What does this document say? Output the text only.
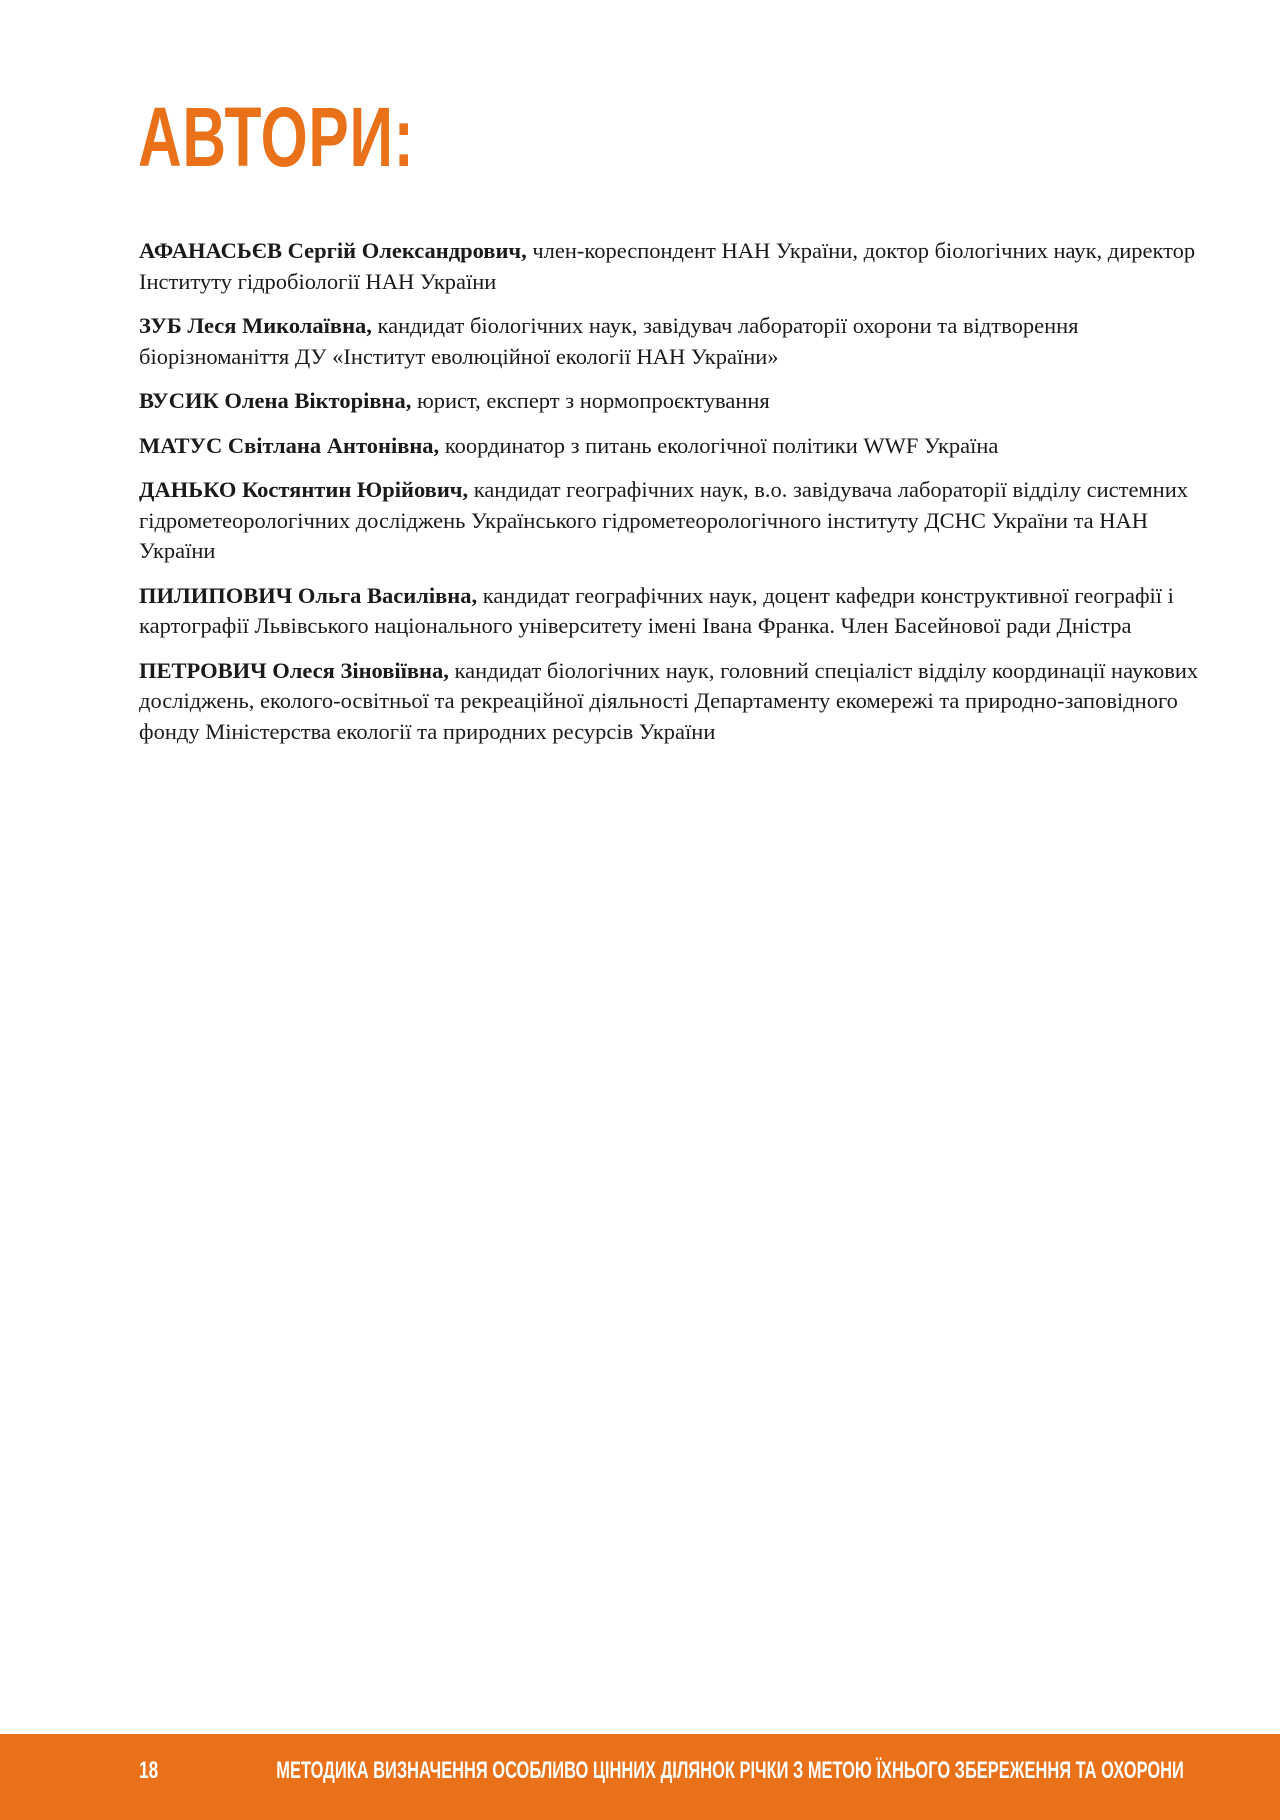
АВТОРИ:
АФАНАСЬЄВ Сергій Олександрович, член-кореспондент НАН України, доктор біологічних наук, директор Інституту гідробіології НАН України
ЗУБ Леся Миколаївна, кандидат біологічних наук, завідувач лабораторії охорони та відтворення біорізноманіття ДУ «Інститут еволюційної екології НАН України»
ВУСИК Олена Вікторівна, юрист, експерт з нормопроєктування
МАТУС Світлана Антонівна, координатор з питань екологічної політики WWF Україна
ДАНЬКО Костянтин Юрійович, кандидат географічних наук, в.о. завідувача лабораторії відділу системних гідрометеорологічних досліджень Українського гідрометеорологічного інституту ДСНС України та НАН України
ПИЛИПОВИЧ Ольга Василівна, кандидат географічних наук, доцент кафедри конструктивної географії і картографії Львівського національного університету імені Івана Франка. Член Басейнової ради Дністра
ПЕТРОВИЧ Олеся Зіновіївна, кандидат біологічних наук, головний спеціаліст відділу координації наукових досліджень, еколого-освітньої та рекреаційної діяльності Департаменту екомережі та природно-заповідного фонду Міністерства екології та природних ресурсів України
18	МЕТОДИКА ВИЗНАЧЕННЯ ОСОБЛИВО ЦІННИХ ДІЛЯНОК РІЧКИ З МЕТОЮ ЇХНЬОГО ЗБЕРЕЖЕННЯ ТА ОХОРОНИ
